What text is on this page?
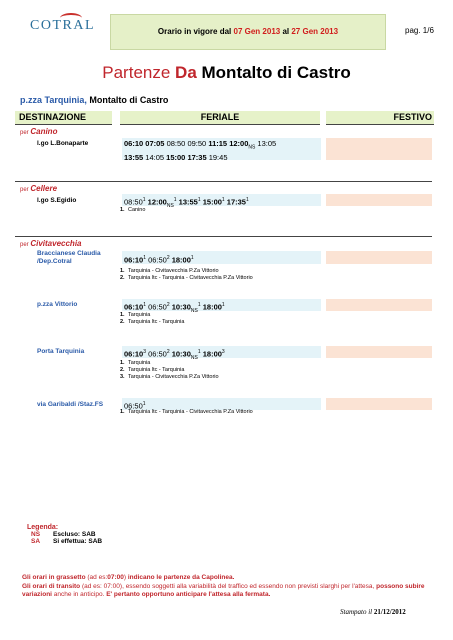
COTRAL	Orario in vigore dal 07 Gen 2013 al 27 Gen 2013	pag. 1/6
Partenze Da Montalto di Castro
p.zza Tarquinia, Montalto di Castro
DESTINAZIONE	FERIALE	FESTIVO
per Canino
l.go L.Bonaparte	06:10 07:05 08:50 09:50 11:15 $12:00_{NS}$ 13:05
13:55 14:05 15:00 17:35 19:45
per Cellere
l.go S.Egidio	$08:50^1$ $12:00_{NS}^1$ $13:55^1$ $15:00^1$ $17:35^1$
1. Canino
per Civitavecchia
Braccianese Claudia
/Dep.Cotral	$06:10^1$ $06:50^2$ $18:00^1$
1. Tarquinia - Civitavecchia P.Za Vittorio
2. Tarquinia ltc - Tarquinia - Civitavecchia P.Za Vittorio
p.zza Vittorio	$06:10^1$ $06:50^2$ $10:30_{NS}^1$ $18:00^1$
1. Tarquinia
2. Tarquinia ltc - Tarquinia
Porta Tarquinia	$06:10^3$ $06:50^2$ $10:30_{NS}^1$ $18:00^3$
1. Tarquinia
2. Tarquinia ltc - Tarquinia
3. Tarquinia - Civitavecchia P.Za Vittorio
via Garibaldi /Staz.FS	$06:50^1$
1. Tarquinia ltc - Tarquinia - Civitavecchia P.Za Vittorio
Legenda:
NS Escluso: SAB
SA Si effettua: SAB
Gli orari in grassetto (ad es:07:00) indicano le partenze da Capolinea.
Gli orari di transito (ad es: 07:00), essendo soggetti alla variabilità del traffico ed essendo non previsti slarghi per l'attesa, possono subire variazioni anche in anticipo. E' pertanto opportuno anticipare l'attesa alla fermata.
Stampato il 21/12/2012
